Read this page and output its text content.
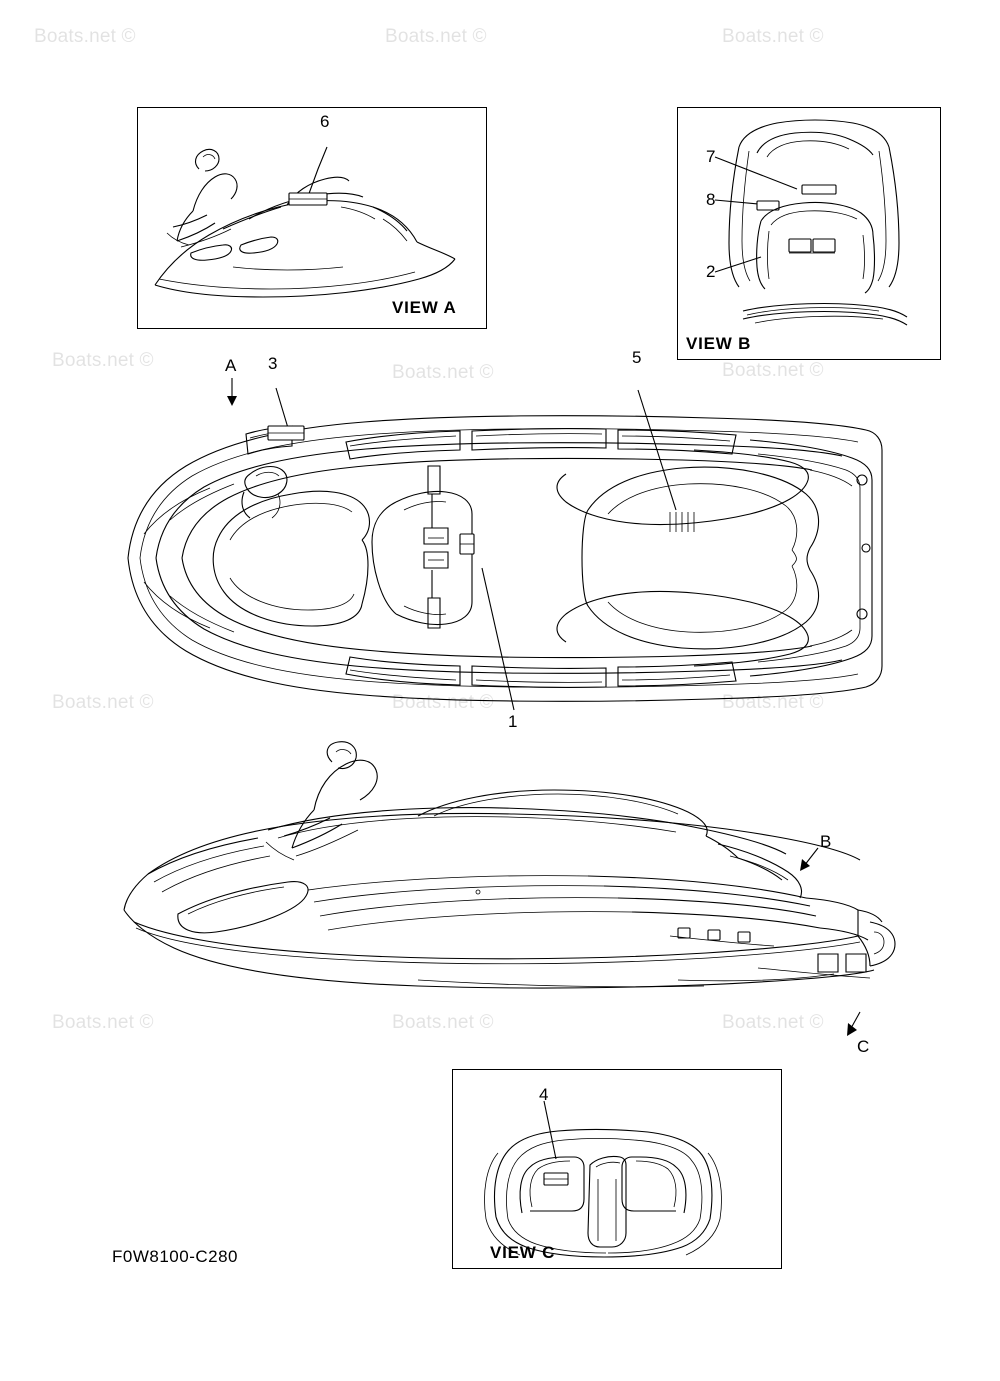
Boats.net ©	Boats.net ©	Boats.net ©
Boats.net ©
Boats.net ©	Boats.net ©
Boats.net ©	Boats.net ©	Boats.net ©
Boats.net ©	Boats.net ©	Boats.net ©
VIEW A
6
VIEW B
7
8
2
A 3	5
1
B
C
VIEW C
4
F0W8100-C280
